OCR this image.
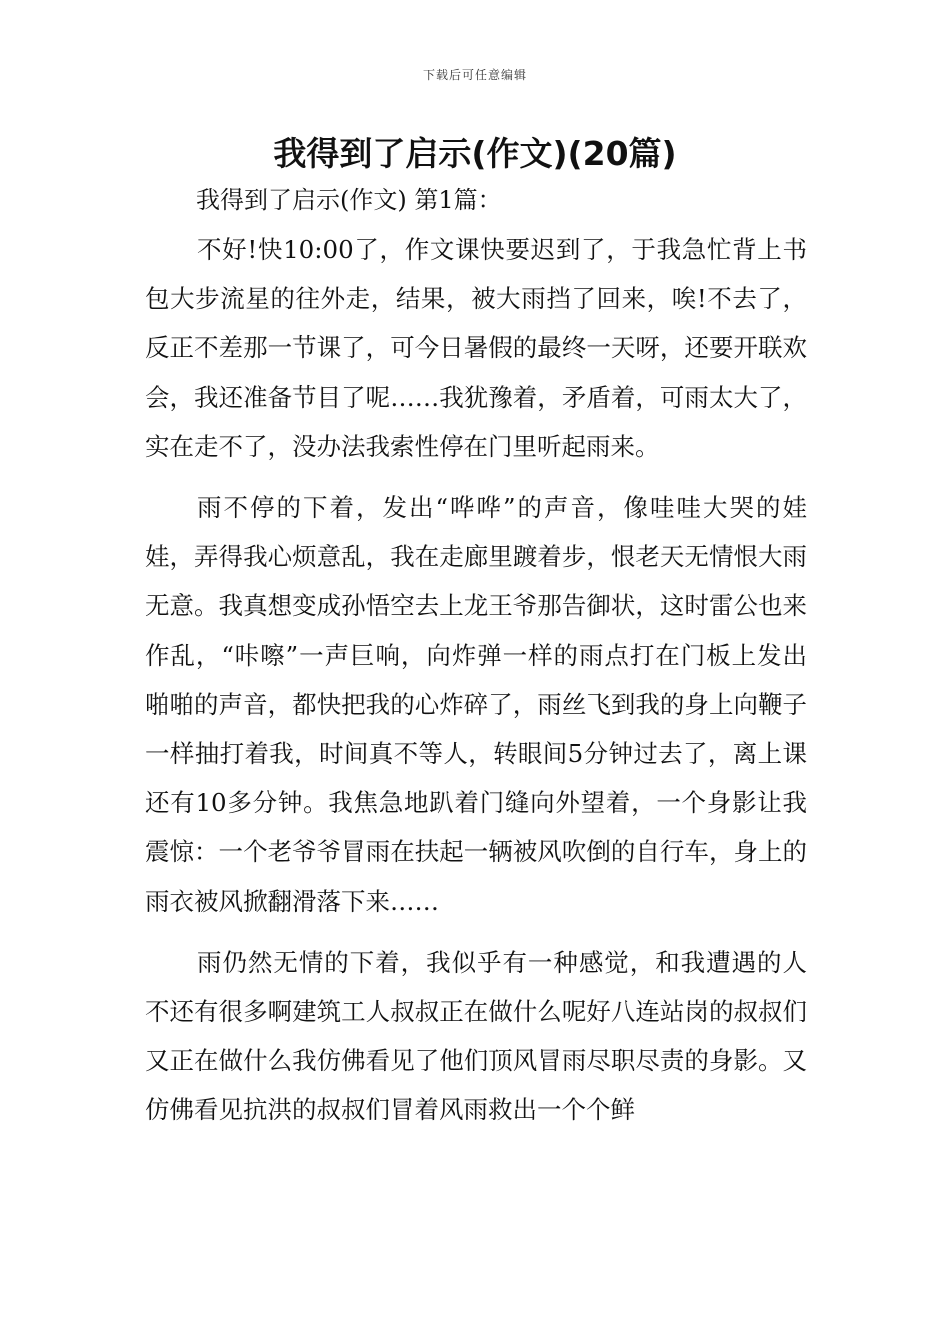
下载后可任意编辑
我得到了启示(作文)(20篇)

我得到了启示(作文) 第1篇：

不好!快10:00了，作文课快要迟到了，于我急忙背上书包大步流星的往外走，结果，被大雨挡了回来，唉!不去了，反正不差那一节课了，可今日暑假的最终一天呀，还要开联欢会，我还准备节目了呢……我犹豫着，矛盾着，可雨太大了，实在走不了，没办法我索性停在门里听起雨来。

雨不停的下着，发出“哗哗”的声音，像哇哇大哭的娃娃，弄得我心烦意乱，我在走廊里踱着步，恨老天无情恨大雨无意。我真想变成孙悟空去上龙王爷那告御状，这时雷公也来作乱，“咔嚓”一声巨响，向炸弹一样的雨点打在门板上发出啪啪的声音，都快把我的心炸碎了，雨丝飞到我的身上向鞭子一样抽打着我，时间真不等人，转眼间5分钟过去了，离上课还有10多分钟。我焦急地趴着门缝向外望着，一个身影让我震惊：一个老爷爷冒雨在扶起一辆被风吹倒的自行车，身上的雨衣被风掀翻滑落下来……

雨仍然无情的下着，我似乎有一种感觉，和我遭遇的人不还有很多啊建筑工人叔叔正在做什么呢好八连站岗的叔叔们又正在做什么我仿佛看见了他们顶风冒雨尽职尽责的身影。又仿佛看见抗洪的叔叔们冒着风雨救出一个个鲜
